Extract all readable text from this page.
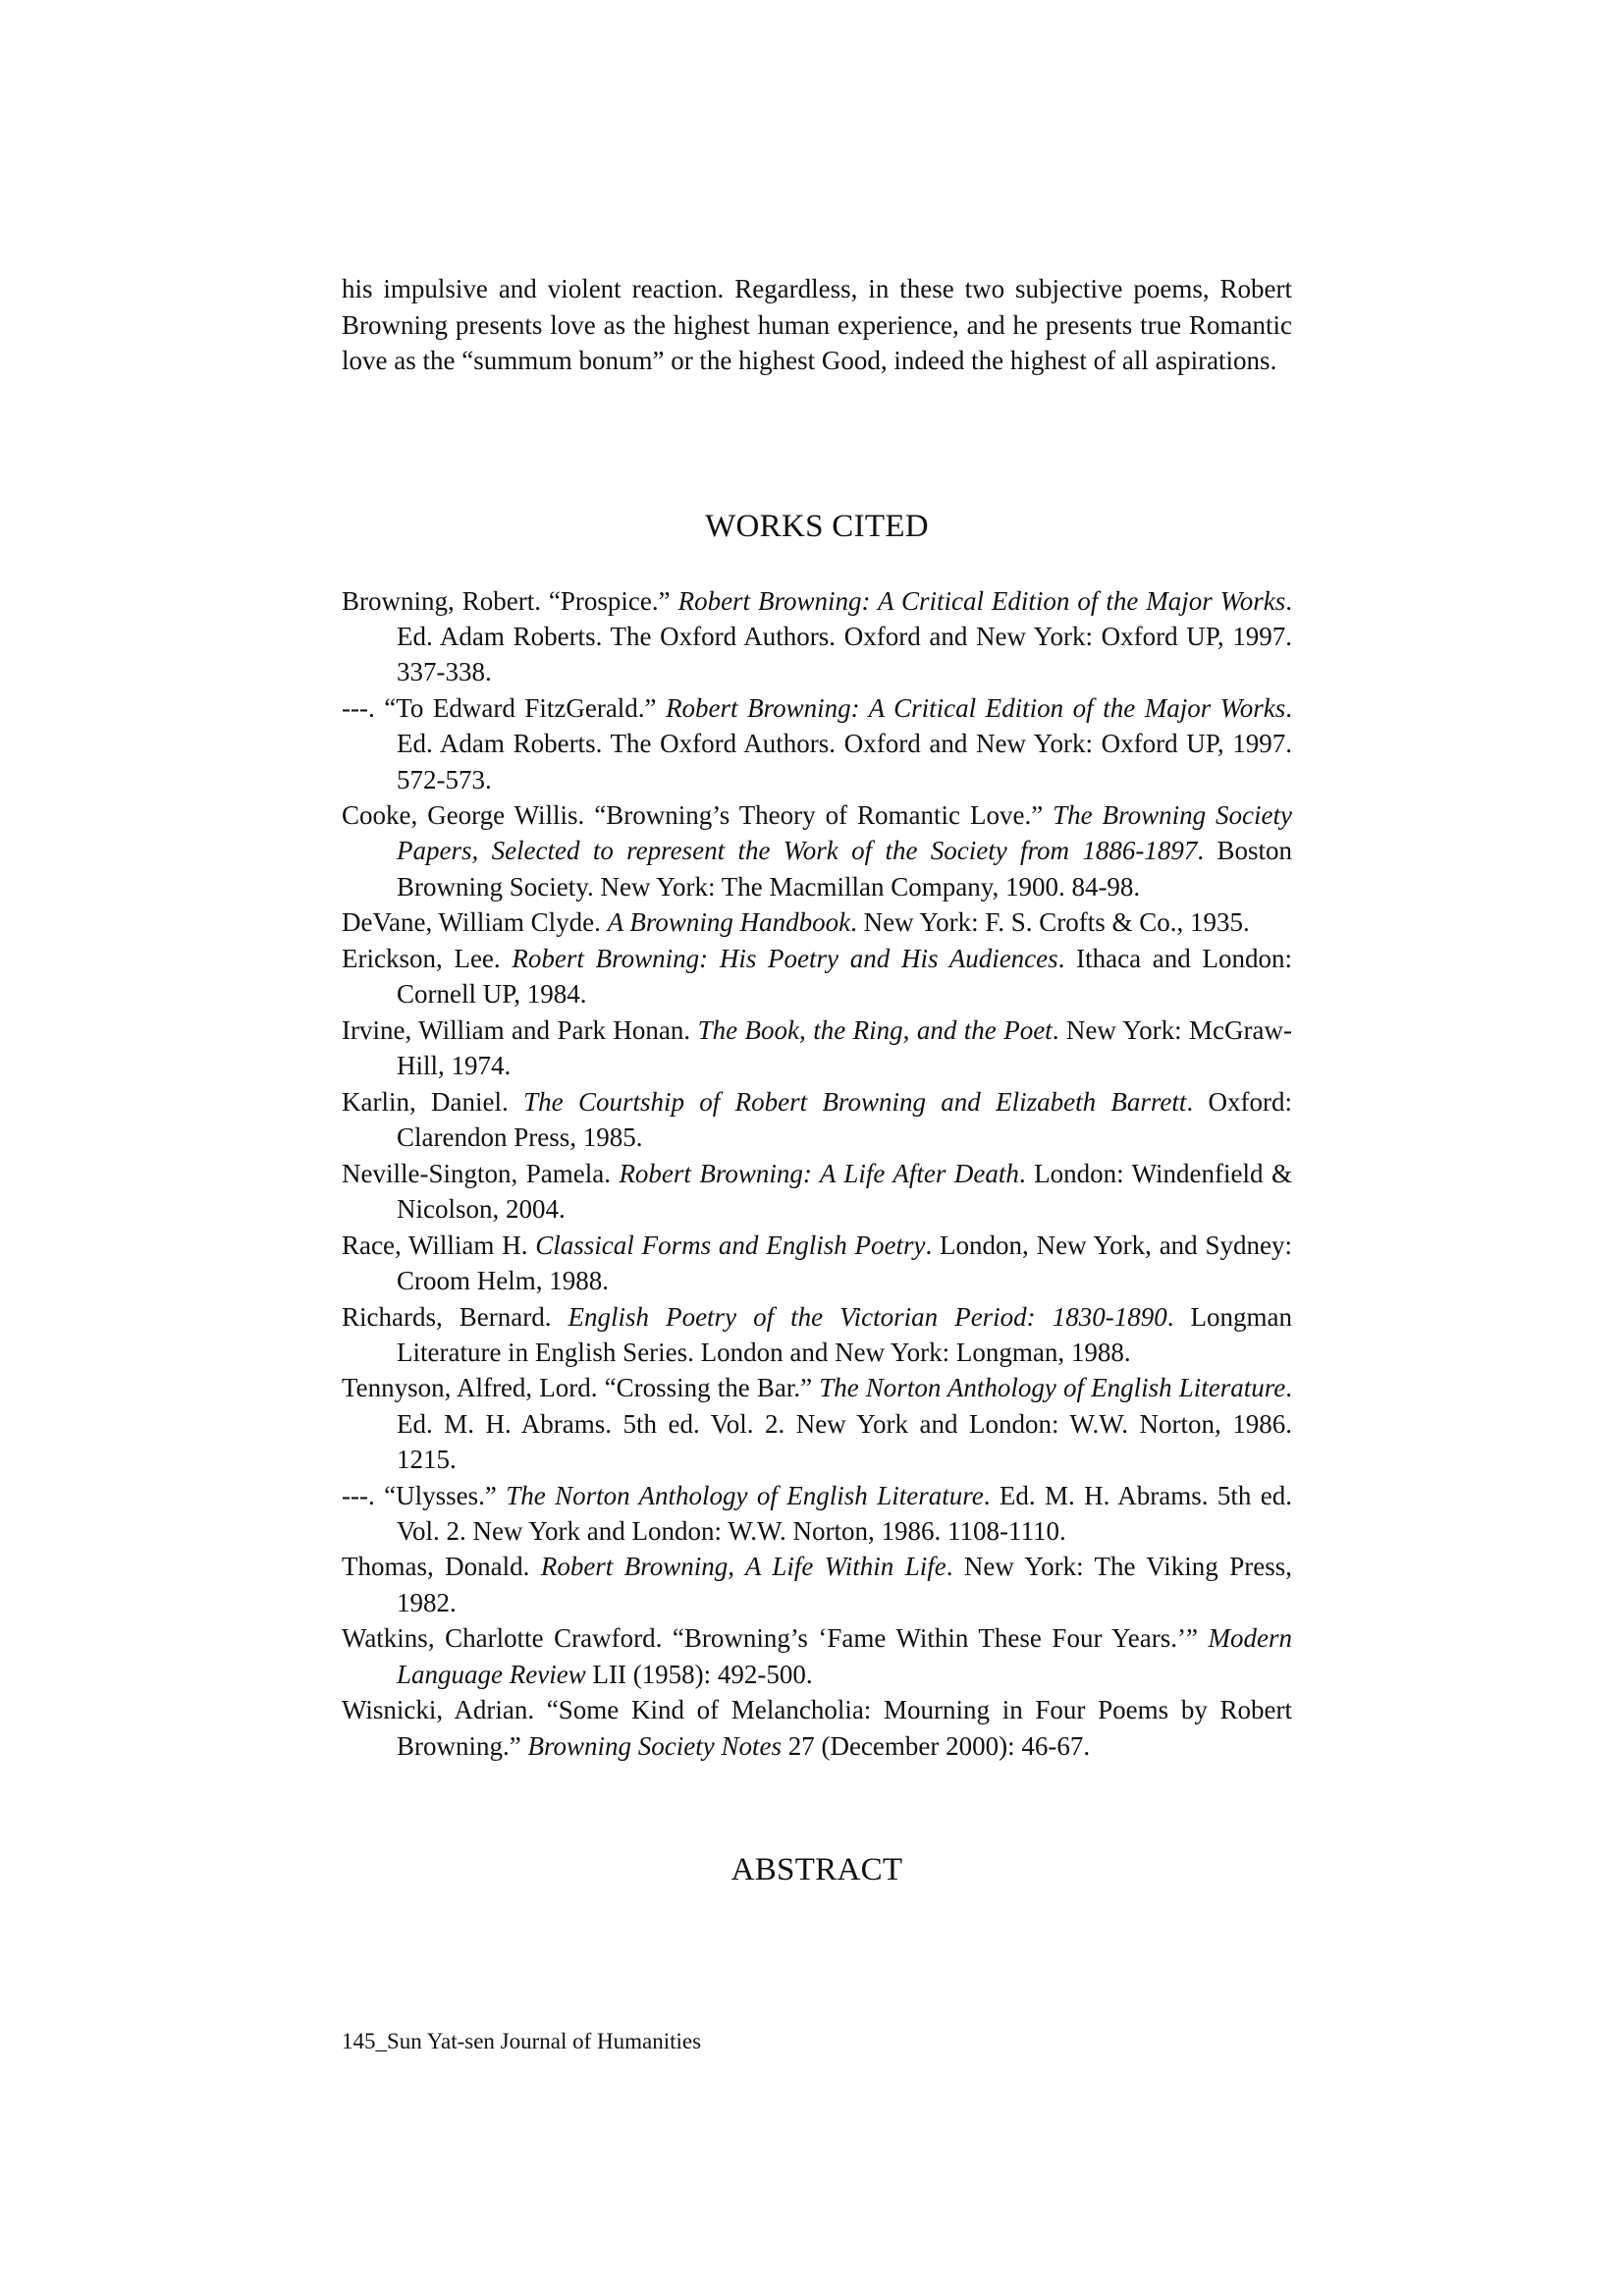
his impulsive and violent reaction. Regardless, in these two subjective poems, Robert Browning presents love as the highest human experience, and he presents true Romantic love as the “summum bonum” or the highest Good, indeed the highest of all aspirations.

WORKS CITED
Browning, Robert. “Prospice.” Robert Browning: A Critical Edition of the Major Works. Ed. Adam Roberts. The Oxford Authors. Oxford and New York: Oxford UP, 1997. 337-338.
---. “To Edward FitzGerald.” Robert Browning: A Critical Edition of the Major Works. Ed. Adam Roberts. The Oxford Authors. Oxford and New York: Oxford UP, 1997. 572-573.
Cooke, George Willis. “Browning’s Theory of Romantic Love.” The Browning Society Papers, Selected to represent the Work of the Society from 1886-1897. Boston Browning Society. New York: The Macmillan Company, 1900. 84-98.
DeVane, William Clyde. A Browning Handbook. New York: F. S. Crofts & Co., 1935.
Erickson, Lee. Robert Browning: His Poetry and His Audiences. Ithaca and London: Cornell UP, 1984.
Irvine, William and Park Honan. The Book, the Ring, and the Poet. New York: McGraw-Hill, 1974.
Karlin, Daniel. The Courtship of Robert Browning and Elizabeth Barrett. Oxford: Clarendon Press, 1985.
Neville-Sington, Pamela. Robert Browning: A Life After Death. London: Windenfield & Nicolson, 2004.
Race, William H. Classical Forms and English Poetry. London, New York, and Sydney: Croom Helm, 1988.
Richards, Bernard. English Poetry of the Victorian Period: 1830-1890. Longman Literature in English Series. London and New York: Longman, 1988.
Tennyson, Alfred, Lord. “Crossing the Bar.” The Norton Anthology of English Literature. Ed. M. H. Abrams. 5th ed. Vol. 2. New York and London: W.W. Norton, 1986. 1215.
---. “Ulysses.” The Norton Anthology of English Literature. Ed. M. H. Abrams. 5th ed. Vol. 2. New York and London: W.W. Norton, 1986. 1108-1110.
Thomas, Donald. Robert Browning, A Life Within Life. New York: The Viking Press, 1982.
Watkins, Charlotte Crawford. “Browning’s ‘Fame Within These Four Years.’” Modern Language Review LII (1958): 492-500.
Wisnicki, Adrian. “Some Kind of Melancholia: Mourning in Four Poems by Robert Browning.” Browning Society Notes 27 (December 2000): 46-67.
ABSTRACT

145_Sun Yat-sen Journal of Humanities
